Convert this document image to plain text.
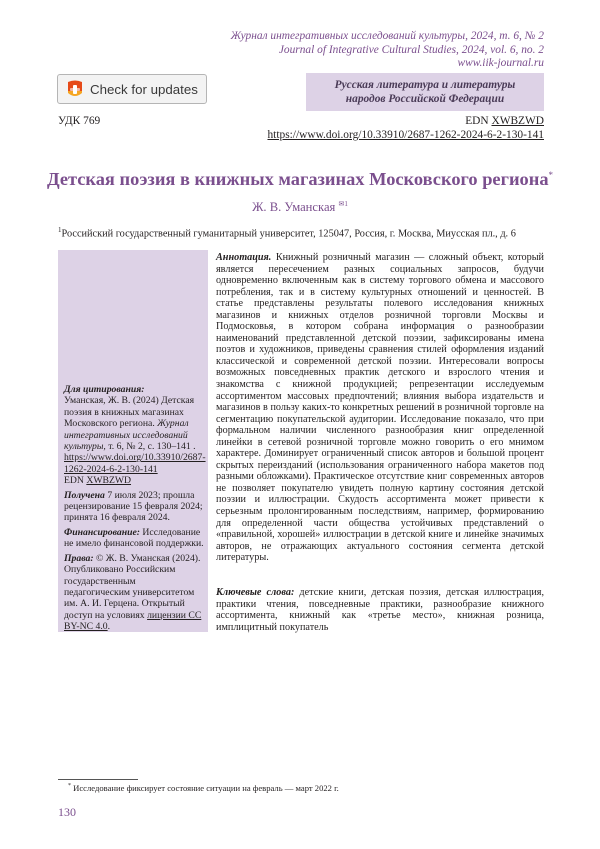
Журнал интегративных исследований культуры, 2024, т. 6, № 2
Journal of Integrative Cultural Studies, 2024, vol. 6, no. 2
www.iik-journal.ru
Check for updates	Русская литература и литературы
народов Российской Федерации
УДК 769	EDN XWBZWD
https://www.doi.org/10.33910/2687-1262-2024-6-2-130-141
Детская поэзия в книжных магазинах Московского региона*
Ж. В. Уманская $^{✉1}$
$^1$Российский государственный гуманитарный университет, 125047, Россия, г. Москва, Миусская пл., д. 6

Для цитирования:
Уманская, Ж. В. (2024) Детская поэзия в книжных магазинах Московского региона. Журнал интегративных исследований культуры, т. 6, № 2, с. 130–141 . https://www.doi.org/10.33910/2687-1262-2024-6-2-130-141
EDN XWBZWD

Получена 7 июля 2023; прошла рецензирование 15 февраля 2024; принята 16 февраля 2024.

Финансирование: Исследование не имело финансовой поддержки.

Права: © Ж. В. Уманская (2024). Опубликовано Российским государственным педагогическим университетом им. А. И. Герцена. Открытый доступ на условиях лицензии CC BY-NC 4.0.

Аннотация. Книжный розничный магазин — сложный объект, который является пересечением разных социальных запросов, будучи одновременно включенным как в систему торгового обмена и массового потребления, так и в систему культурных отношений и ценностей. В статье представлены результаты полевого исследования книжных магазинов и книжных отделов розничной торговли Москвы и Подмосковья, в котором собрана информация о разнообразии наименований представленной детской поэзии, зафиксированы имена поэтов и художников, приведены сравнения стилей оформления изданий классической и современной детской поэзии. Интересовали вопросы возможных повседневных практик детского и взрослого чтения и знакомства с книжной продукцией; репрезентации исследуемым ассортиментом массовых предпочтений; влияния выбора издательств и магазинов в пользу каких-то конкретных решений в розничной торговле на сегментацию покупательской аудитории. Исследование показало, что при формальном наличии численного разнообразия книг определенной линейки в сетевой розничной торговле можно говорить о его мнимом характере. Доминирует ограниченный список авторов и большой процент скрытых переизданий (использования ограниченного набора макетов под разными обложками). Практическое отсутствие книг современных авторов не позволяет покупателю увидеть полную картину состояния детской поэзии и иллюстрации. Скудость ассортимента может привести к серьезным пролонгированным последствиям, например, формированию для определенной части общества устойчивых представлений о «правильной, хорошей» иллюстрации в детской книге и линейке значимых авторов, не отражающих актуального состояния сегмента детской литературы.

Ключевые слова: детские книги, детская поэзия, детская иллюстрация, практики чтения, повседневные практики, разнообразие книжного ассортимента, книжный как «третье место», книжная розница, имплицитный покупатель

* Исследование фиксирует состояние ситуации на февраль — март 2022 г.
130
